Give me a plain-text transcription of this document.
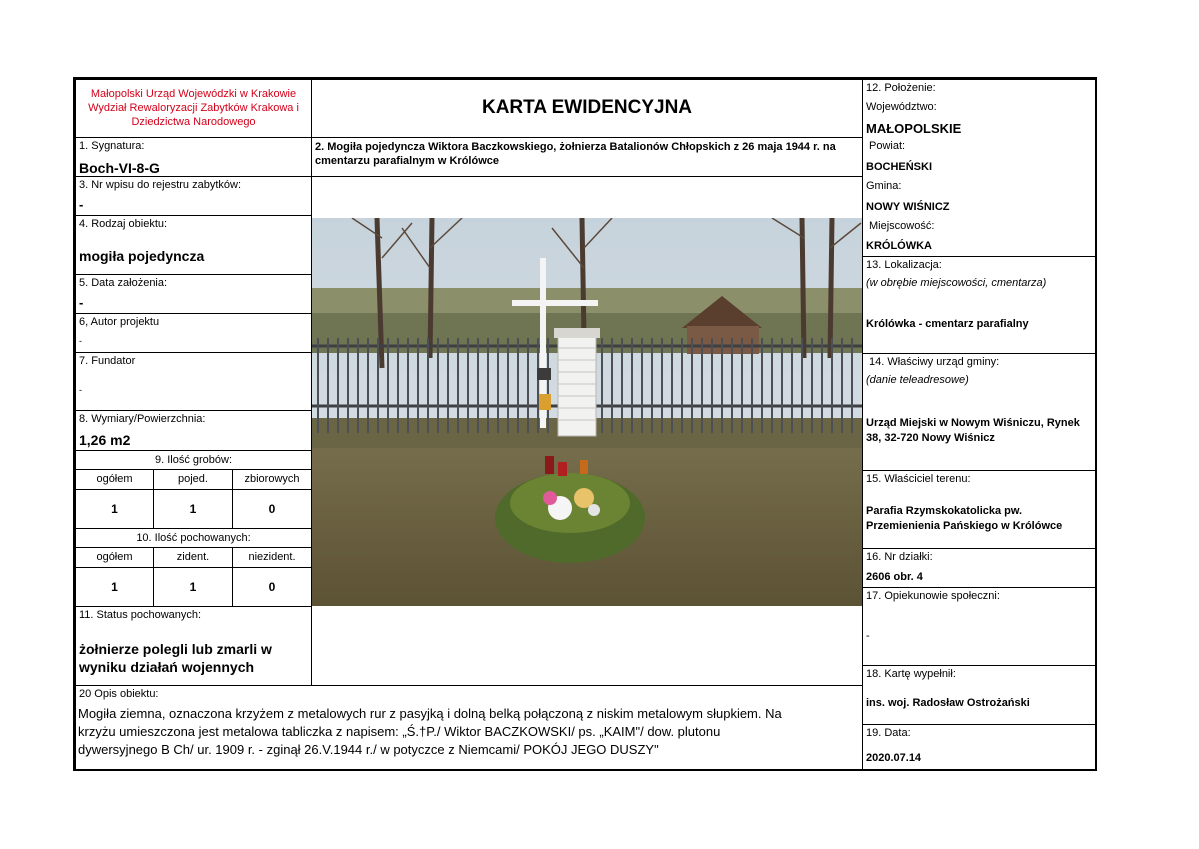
Małopolski Urząd Wojewódzki w Krakowie
Wydział Rewaloryzacji Zabytków Krakowa i
Dziedzictwa Narodowego
KARTA EWIDENCYJNA
1. Sygnatura:
Boch-VI-8-G
3. Nr wpisu do rejestru zabytków:
-
4. Rodzaj obiektu:
mogiła pojedyncza
5. Data założenia:
-
6, Autor projektu
-
7. Fundator
-
8. Wymiary/Powierzchnia:
1,26 m2
9. Ilość grobów:
ogółem	pojed.	zbiorowych
1	1	0
10. Ilość pochowanych:
ogółem	zident.	niezident.
1	1	0
11. Status pochowanych:
żołnierze polegli lub zmarli w
wyniku działań wojennych
2. Mogiła pojedyncza Wiktora Baczkowskiego, żołnierza Batalionów Chłopskich z 26 maja 1944 r. na
cmentarzu parafialnym w Królówce
12. Położenie:
Województwo:
MAŁOPOLSKIE
Powiat:
BOCHEŃSKI
Gmina:
NOWY WIŚNICZ
Miejscowość:
KRÓLÓWKA
13. Lokalizacja:
(w obrębie miejscowości, cmentarza)
Królówka - cmentarz parafialny
14. Właściwy urząd gminy:
(danie teleadresowe)
Urząd Miejski w Nowym Wiśniczu, Rynek
38, 32-720 Nowy Wiśnicz
15. Właściciel terenu:
Parafia Rzymskokatolicka pw.
Przemienienia Pańskiego w Królówce
16. Nr działki:
2606 obr. 4
17. Opiekunowie społeczni:
-
18. Kartę wypełnił:
ins. woj. Radosław Ostrożański
19. Data:
2020.07.14
20 Opis obiektu:
Mogiła ziemna, oznaczona krzyżem z metalowych rur z pasyjką i dolną belką połączoną z niskim metalowym słupkiem. Na
krzyżu umieszczona jest metalowa tabliczka z napisem: „Ś.†P./ Wiktor BACZKOWSKI/ ps. „KAIM"/ dow. plutonu
dywersyjnego B Ch/ ur. 1909 r. - zginął 26.V.1944 r./ w potyczce z Niemcami/ POKÓJ JEGO DUSZY"
